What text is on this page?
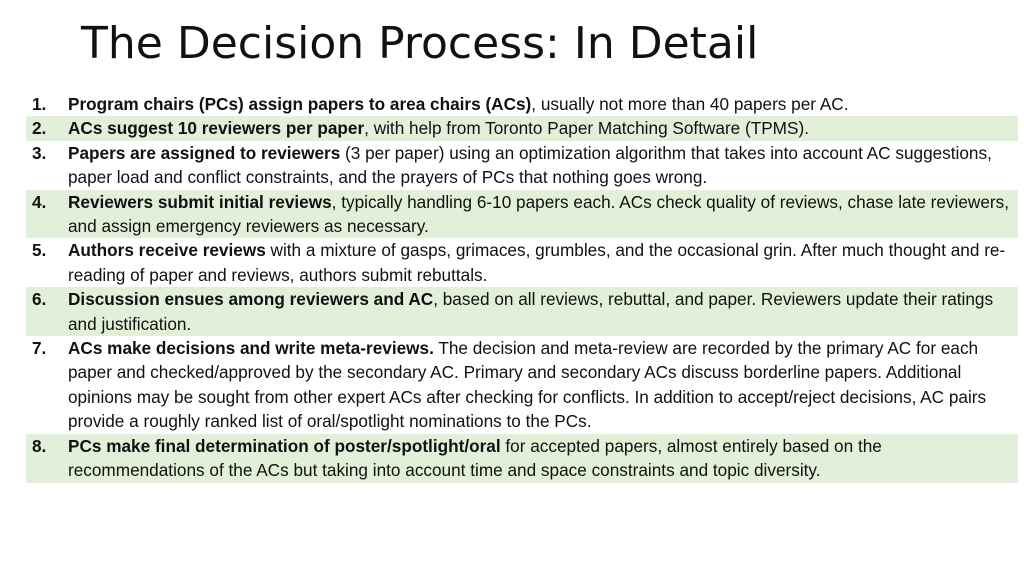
The Decision Process: In Detail
1.	Program chairs (PCs) assign papers to area chairs (ACs), usually not more than 40 papers per AC.
2.	ACs suggest 10 reviewers per paper, with help from Toronto Paper Matching Software (TPMS).
3.	Papers are assigned to reviewers (3 per paper) using an optimization algorithm that takes into account AC suggestions, paper load and conflict constraints, and the prayers of PCs that nothing goes wrong.
4.	Reviewers submit initial reviews, typically handling 6-10 papers each. ACs check quality of reviews, chase late reviewers, and assign emergency reviewers as necessary.
5.	Authors receive reviews with a mixture of gasps, grimaces, grumbles, and the occasional grin. After much thought and re-reading of paper and reviews, authors submit rebuttals.
6.	Discussion ensues among reviewers and AC, based on all reviews, rebuttal, and paper. Reviewers update their ratings and justification.
7.	ACs make decisions and write meta-reviews. The decision and meta-review are recorded by the primary AC for each paper and checked/approved by the secondary AC. Primary and secondary ACs discuss borderline papers. Additional opinions may be sought from other expert ACs after checking for conflicts. In addition to accept/reject decisions, AC pairs provide a roughly ranked list of oral/spotlight nominations to the PCs.
8.	PCs make final determination of poster/spotlight/oral for accepted papers, almost entirely based on the recommendations of the ACs but taking into account time and space constraints and topic diversity.
